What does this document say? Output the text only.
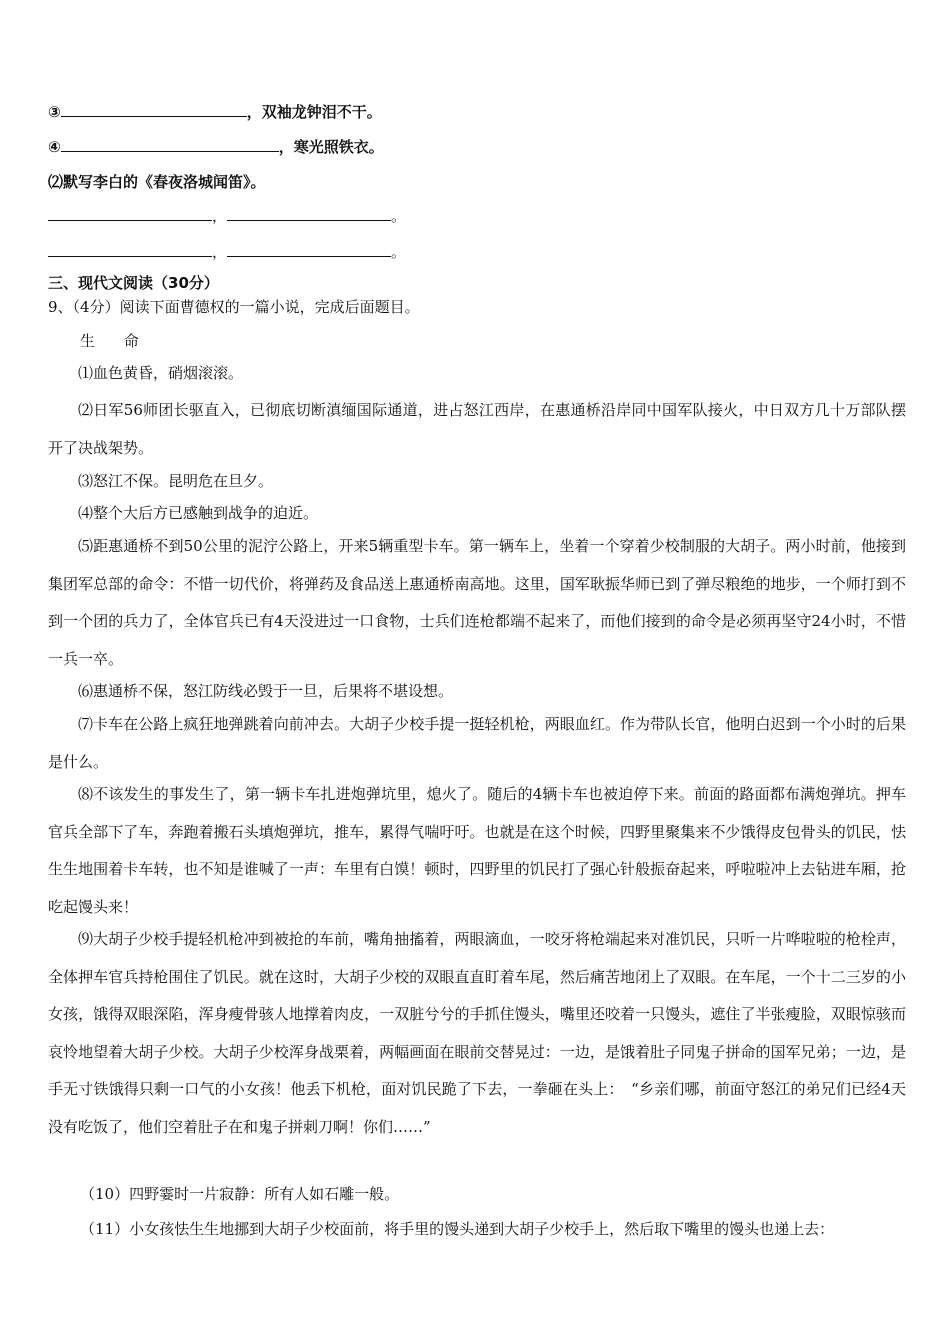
③	，双袖龙钟泪不干。
④	，寒光照铁衣。
⑵默写李白的《春夜洛城闻笛》。
，	。
，	。
三、现代文阅读（30分）
9、（4分）阅读下面曹德权的一篇小说，完成后面题目。
生 命
⑴血色黄昏，硝烟滚滚。
⑵日军56师团长驱直入，已彻底切断滇缅国际通道，进占怒江西岸，在惠通桥沿岸同中国军队接火，中日双方几十万部队摆开了决战架势。
⑶怒江不保。昆明危在旦夕。
⑷整个大后方已感触到战争的迫近。
⑸距惠通桥不到50公里的泥泞公路上，开来5辆重型卡车。第一辆车上，坐着一个穿着少校制服的大胡子。两小时前，他接到集团军总部的命令：不惜一切代价，将弹药及食品送上惠通桥南高地。这里，国军耿振华师已到了弹尽粮绝的地步，一个师打到不到一个团的兵力了，全体官兵已有4天没进过一口食物，士兵们连枪都端不起来了，而他们接到的命令是必须再坚守24小时，不惜一兵一卒。
⑹惠通桥不保，怒江防线必毁于一旦，后果将不堪设想。
⑺卡车在公路上疯狂地弹跳着向前冲去。大胡子少校手提一挺轻机枪，两眼血红。作为带队长官，他明白迟到一个小时的后果是什么。
⑻不该发生的事发生了，第一辆卡车扎进炮弹坑里，熄火了。随后的4辆卡车也被迫停下来。前面的路面都布满炮弹坑。押车官兵全部下了车，奔跑着搬石头填炮弹坑，推车，累得气喘吁吁。也就是在这个时候，四野里聚集来不少饿得皮包骨头的饥民，怯生生地围着卡车转，也不知是谁喊了一声：车里有白馍！顿时，四野里的饥民打了强心针般振奋起来，呼啦啦冲上去钻进车厢，抢吃起馒头来！
⑼大胡子少校手提轻机枪冲到被抢的车前，嘴角抽搐着，两眼滴血，一咬牙将枪端起来对准饥民，只听一片哗啦啦的枪栓声，全体押车官兵持枪围住了饥民。就在这时，大胡子少校的双眼直直盯着车尾，然后痛苦地闭上了双眼。在车尾，一个十二三岁的小女孩，饿得双眼深陷，浑身瘦骨骇人地撑着肉皮，一双脏兮兮的手抓住馒头，嘴里还咬着一只馒头，遮住了半张瘦脸，双眼惊骇而哀怜地望着大胡子少校。大胡子少校浑身战栗着，两幅画面在眼前交替晃过：一边，是饿着肚子同鬼子拼命的国军兄弟；一边，是手无寸铁饿得只剩一口气的小女孩！他丢下机枪，面对饥民跪了下去，一拳砸在头上：　“乡亲们哪，前面守怒江的弟兄们已经4天没有吃饭了，他们空着肚子在和鬼子拼刺刀啊！你们……”
（10）四野霎时一片寂静：所有人如石雕一般。
（11）小女孩怯生生地挪到大胡子少校面前，将手里的馒头递到大胡子少校手上，然后取下嘴里的馒头也递上去：
